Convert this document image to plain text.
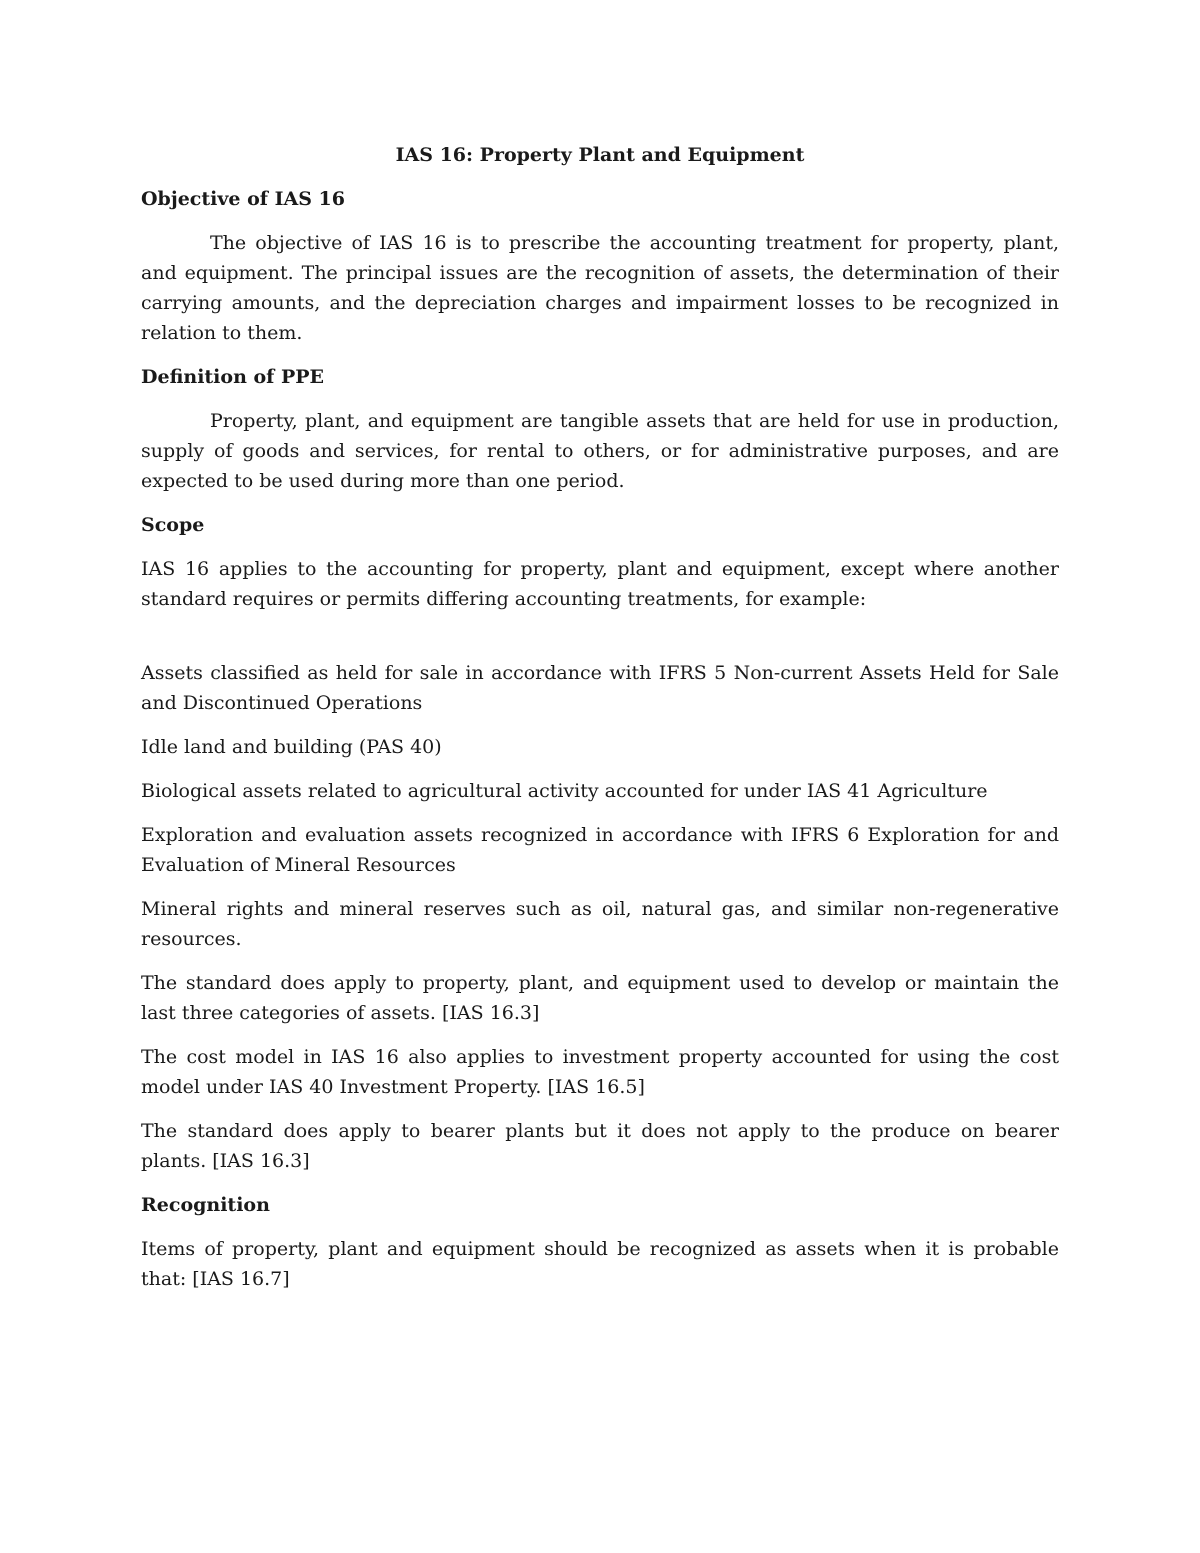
IAS 16: Property Plant and Equipment
Objective of IAS 16

The objective of IAS 16 is to prescribe the accounting treatment for property, plant, and equipment. The principal issues are the recognition of assets, the determination of their carrying amounts, and the depreciation charges and impairment losses to be recognized in relation to them.

Definition of PPE

Property, plant, and equipment are tangible assets that are held for use in production, supply of goods and services, for rental to others, or for administrative purposes, and are expected to be used during more than one period.

Scope

IAS 16 applies to the accounting for property, plant and equipment, except where another standard requires or permits differing accounting treatments, for example:

Assets classified as held for sale in accordance with IFRS 5 Non-current Assets Held for Sale and Discontinued Operations

Idle land and building (PAS 40)

Biological assets related to agricultural activity accounted for under IAS 41 Agriculture

Exploration and evaluation assets recognized in accordance with IFRS 6 Exploration for and Evaluation of Mineral Resources

Mineral rights and mineral reserves such as oil, natural gas, and similar non-regenerative resources.

The standard does apply to property, plant, and equipment used to develop or maintain the last three categories of assets. [IAS 16.3]

The cost model in IAS 16 also applies to investment property accounted for using the cost model under IAS 40 Investment Property. [IAS 16.5]

The standard does apply to bearer plants but it does not apply to the produce on bearer plants. [IAS 16.3]

Recognition

Items of property, plant and equipment should be recognized as assets when it is probable that: [IAS 16.7]
